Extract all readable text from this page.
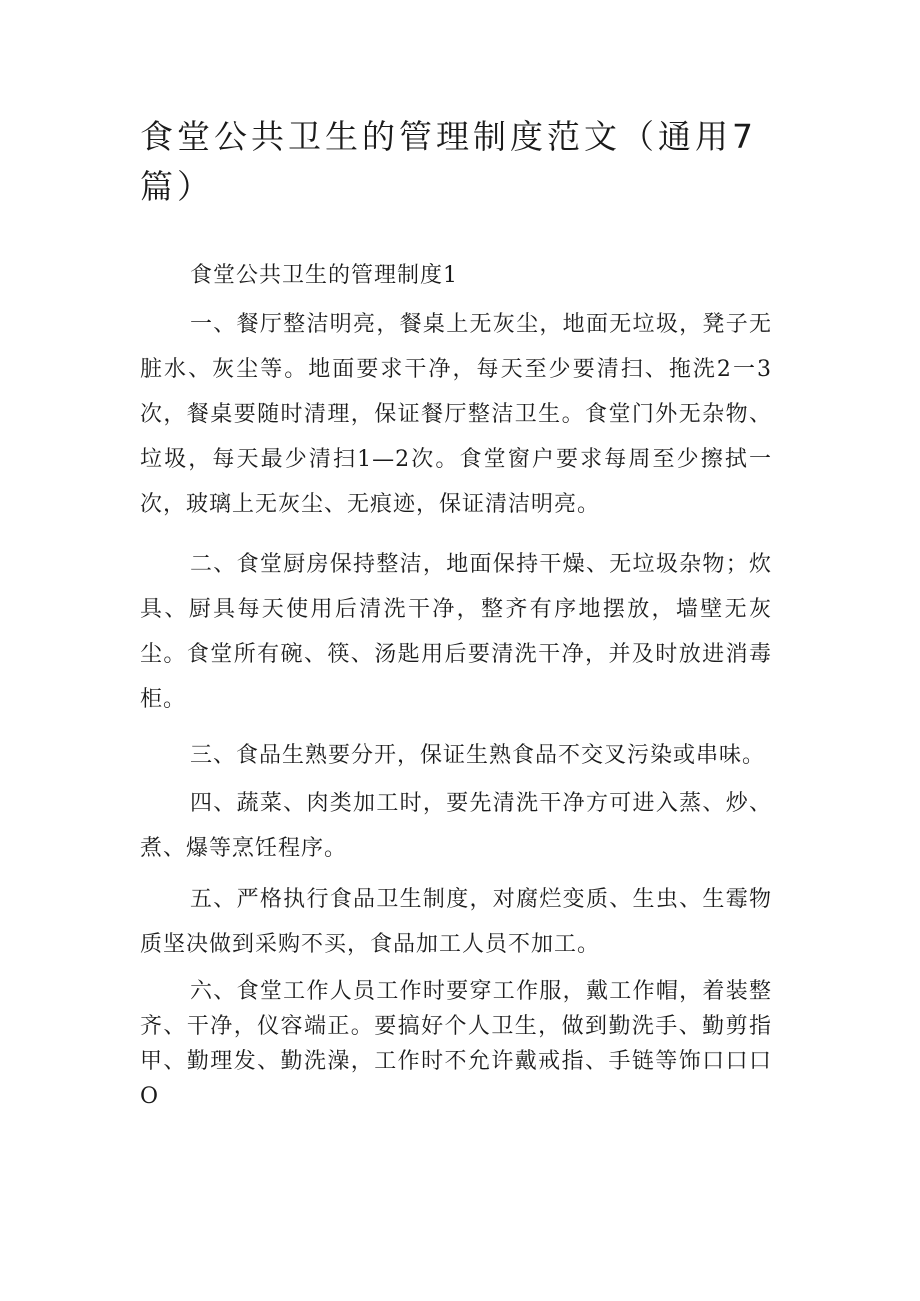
食堂公共卫生的管理制度范文（通用7篇）

食堂公共卫生的管理制度1

一、餐厅整洁明亮，餐桌上无灰尘，地面无垃圾，凳子无脏水、灰尘等。地面要求干净，每天至少要清扫、拖洗2一3次，餐桌要随时清理，保证餐厅整洁卫生。食堂门外无杂物、垃圾，每天最少清扫1—2次。食堂窗户要求每周至少擦拭一次，玻璃上无灰尘、无痕迹，保证清洁明亮。

二、食堂厨房保持整洁，地面保持干燥、无垃圾杂物；炊具、厨具每天使用后清洗干净，整齐有序地摆放，墙壁无灰尘。食堂所有碗、筷、汤匙用后要清洗干净，并及时放进消毒柜。

三、食品生熟要分开，保证生熟食品不交叉污染或串味。

四、蔬菜、肉类加工时，要先清洗干净方可进入蒸、炒、煮、爆等烹饪程序。

五、严格执行食品卫生制度，对腐烂变质、生虫、生霉物质坚决做到采购不买，食品加工人员不加工。

六、食堂工作人员工作时要穿工作服，戴工作帽，着装整齐、干净，仪容端正。要搞好个人卫生，做到勤洗手、勤剪指甲、勤理发、勤洗澡，工作时不允许戴戒指、手链等饰口口口O
